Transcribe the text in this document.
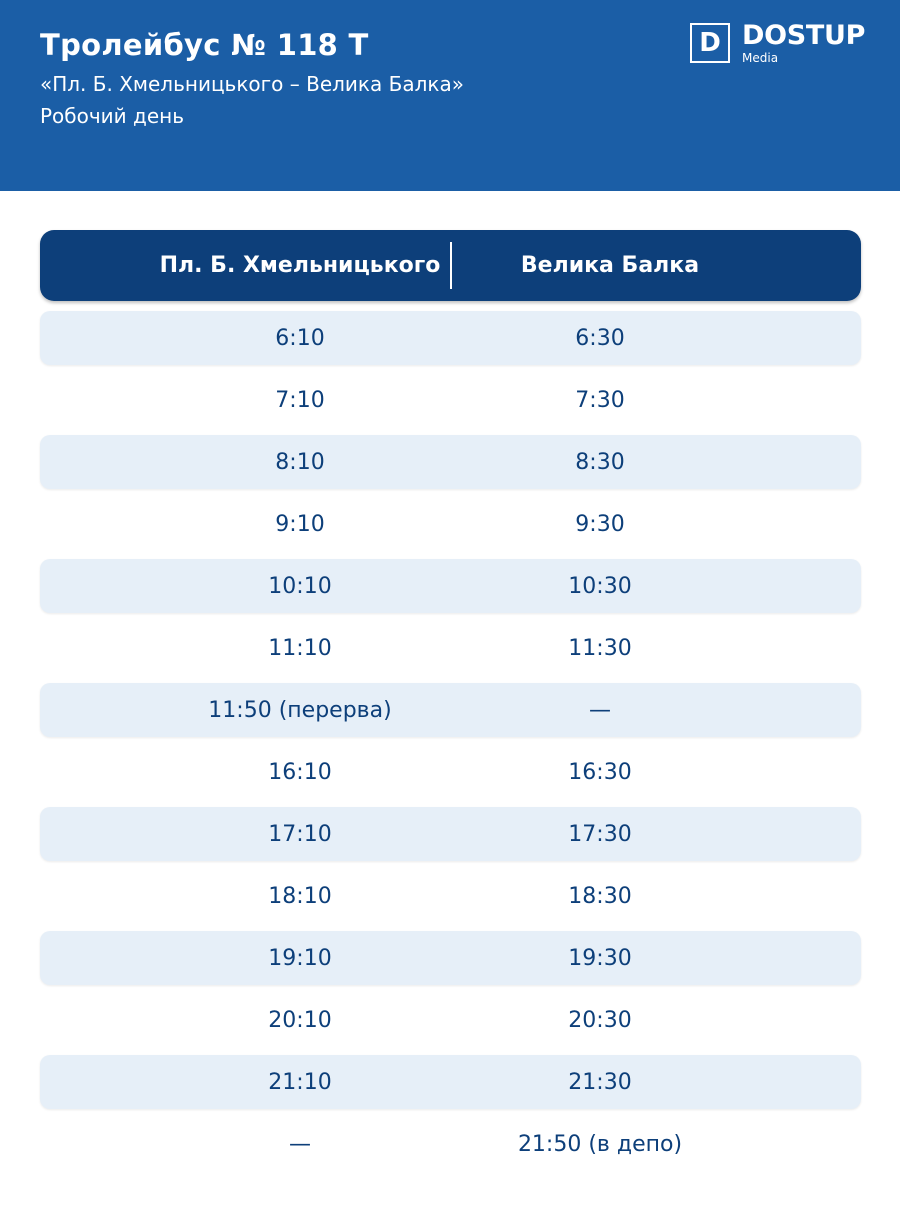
Тролейбус № 118 Т
«Пл. Б. Хмельницького – Велика Балка»
Робочий день
D DOSTUP
Media
Пл. Б. Хмельницького	Велика Балка
6:10	6:30
7:10	7:30
8:10	8:30
9:10	9:30
10:10	10:30
11:10	11:30
11:50 (перерва)	—
16:10	16:30
17:10	17:30
18:10	18:30
19:10	19:30
20:10	20:30
21:10	21:30
—	21:50 (в депо)
